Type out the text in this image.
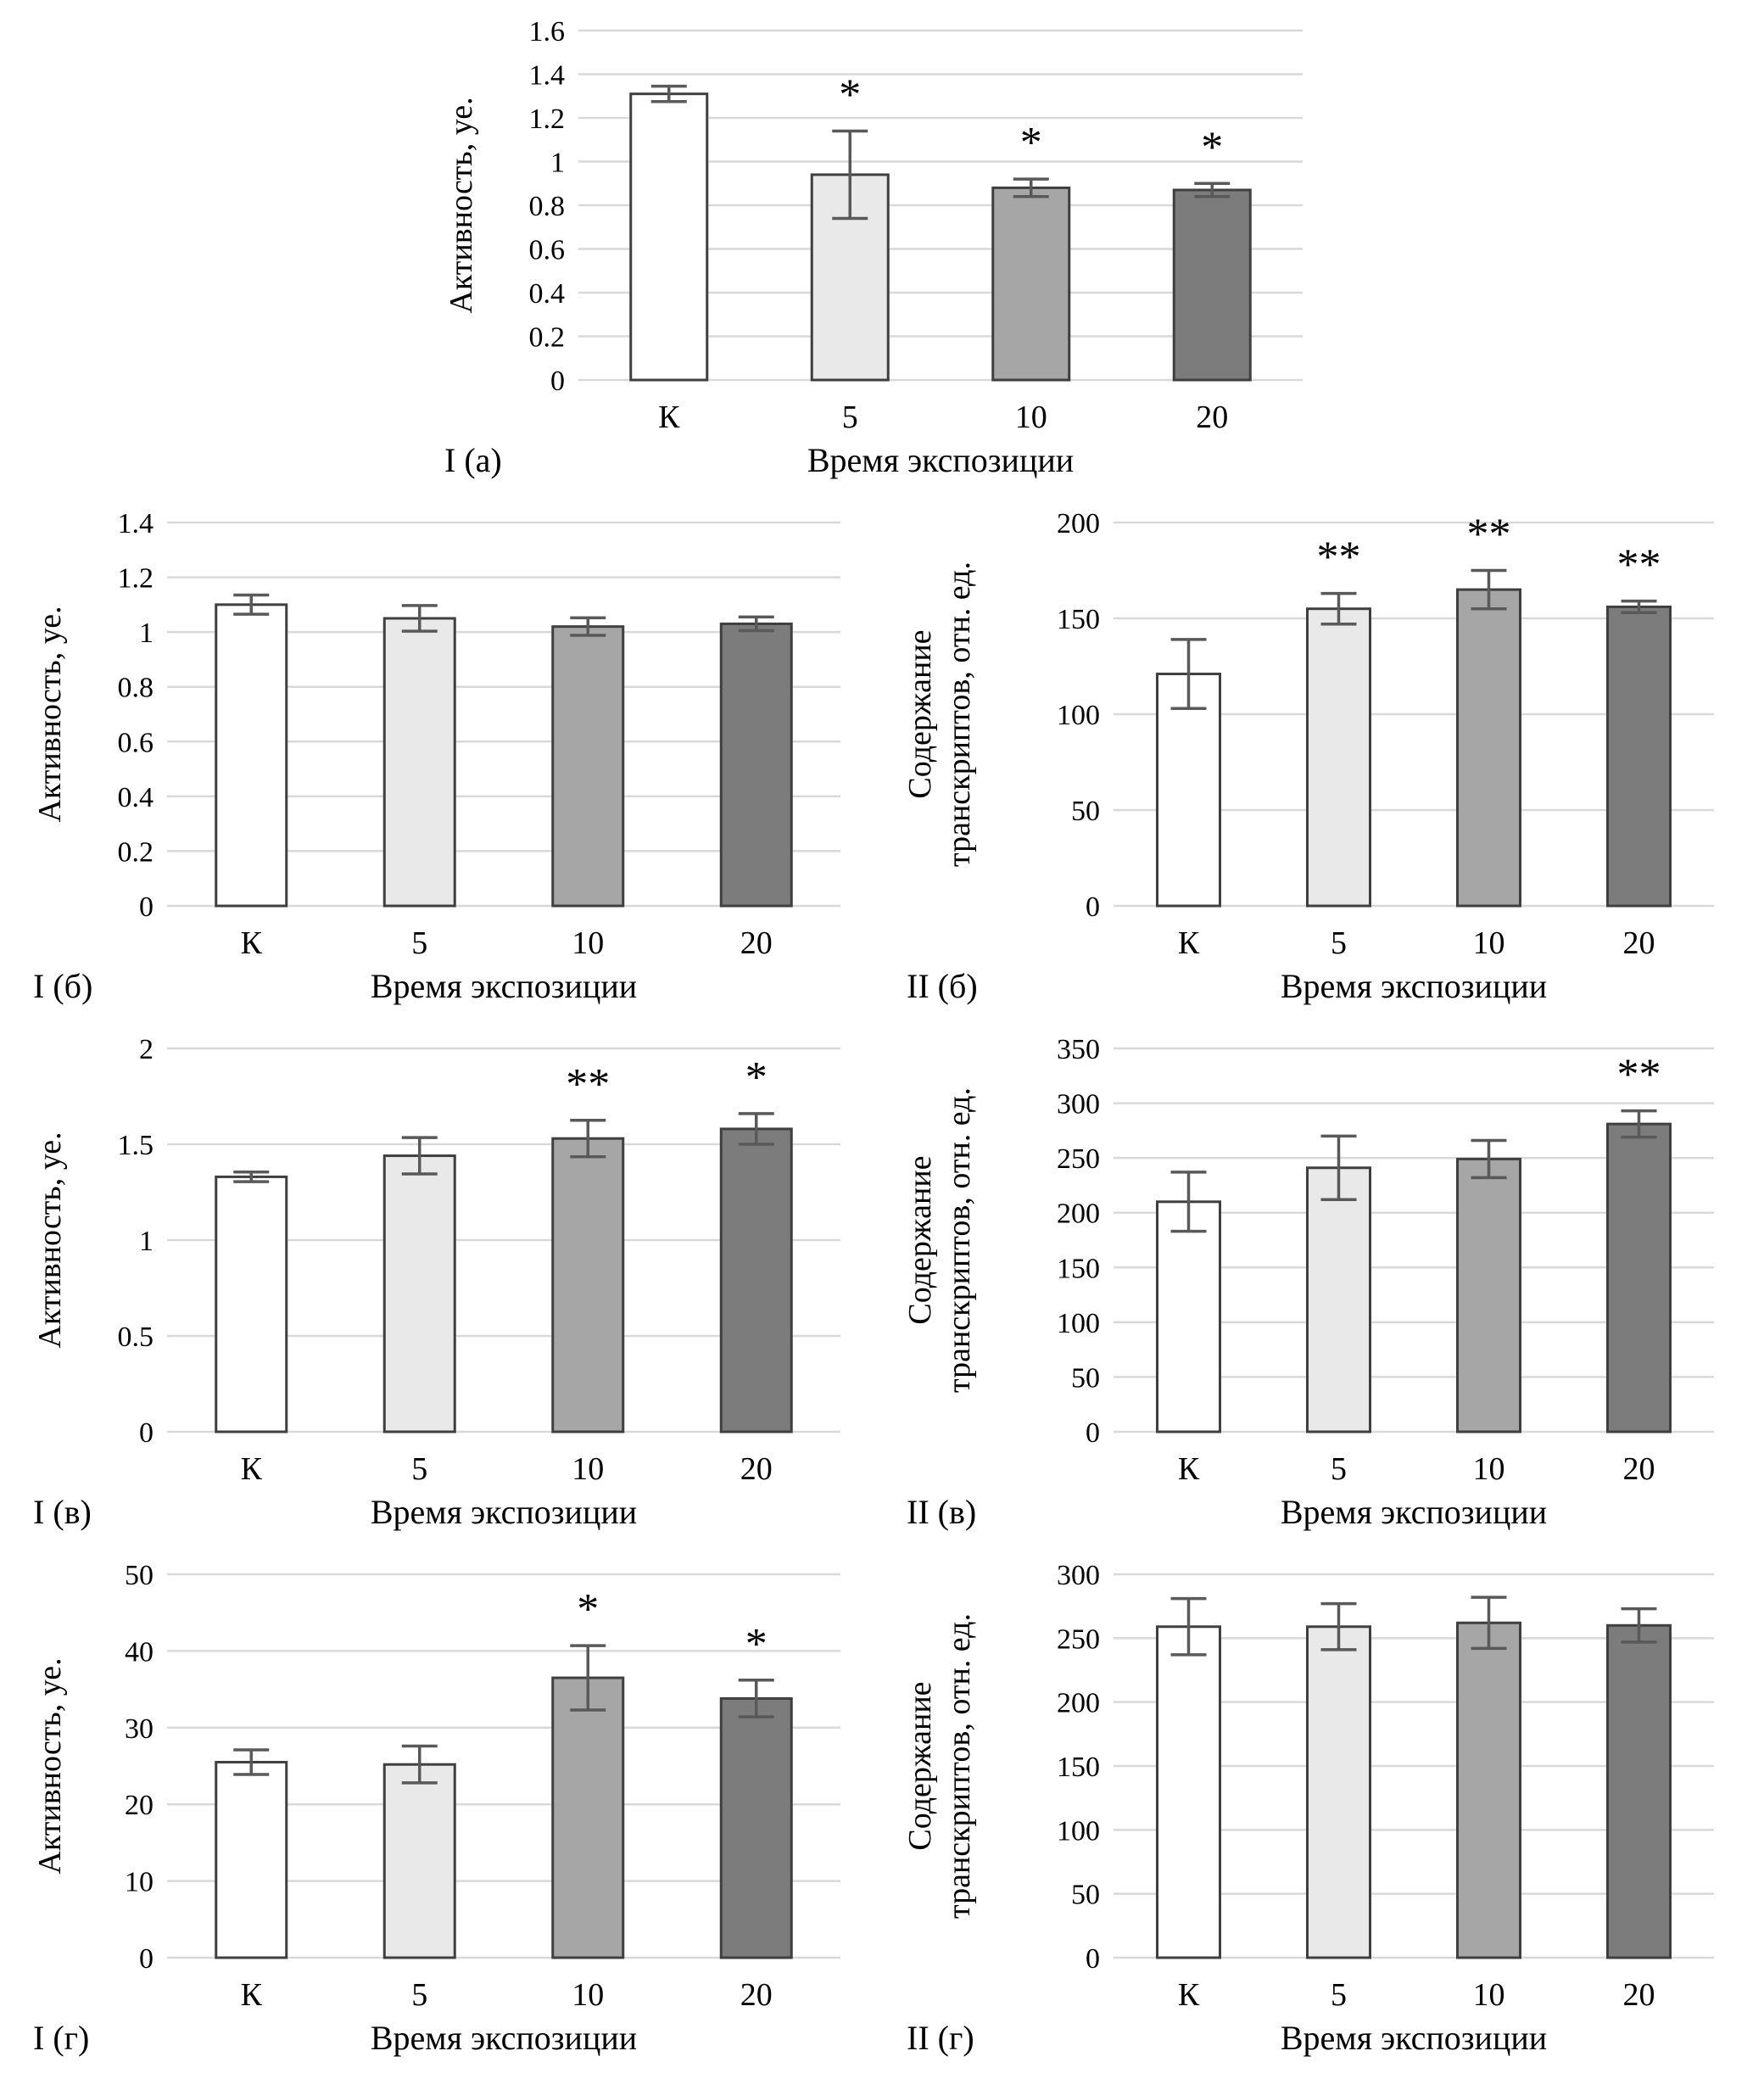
0
0.2
0.4
0.6
0.8
1
1.2
1.4
1.6
К
*
5
*
10
*
20
Активность, уе.
Время экспозиции
I (а)
0
0.2
0.4
0.6
0.8
1
1.2
1.4
К	5	10	20
Активность, уе.
Время экспозиции
I (б)
0
50
100
150
200
К
**
5
**
10
**
20
Содержание транскриптов, отн. ед.
Время экспозиции
II (б)
0
0.5
1
1.5
2
К	5
**
10
*
20
Активность, уе.
Время экспозиции
I (в)
0
50
100
150
200
250
300
350
К	5	10
**
20
Содержание транскриптов, отн. ед.
Время экспозиции
II (в)
0
10
20
30
40
50
К	5
*
10
*
20
Активность, уе.
Время экспозиции
I (г)
0
50
100
150
200
250
300
К	5	10	20
Содержание транскриптов, отн. ед.
Время экспозиции
II (г)
